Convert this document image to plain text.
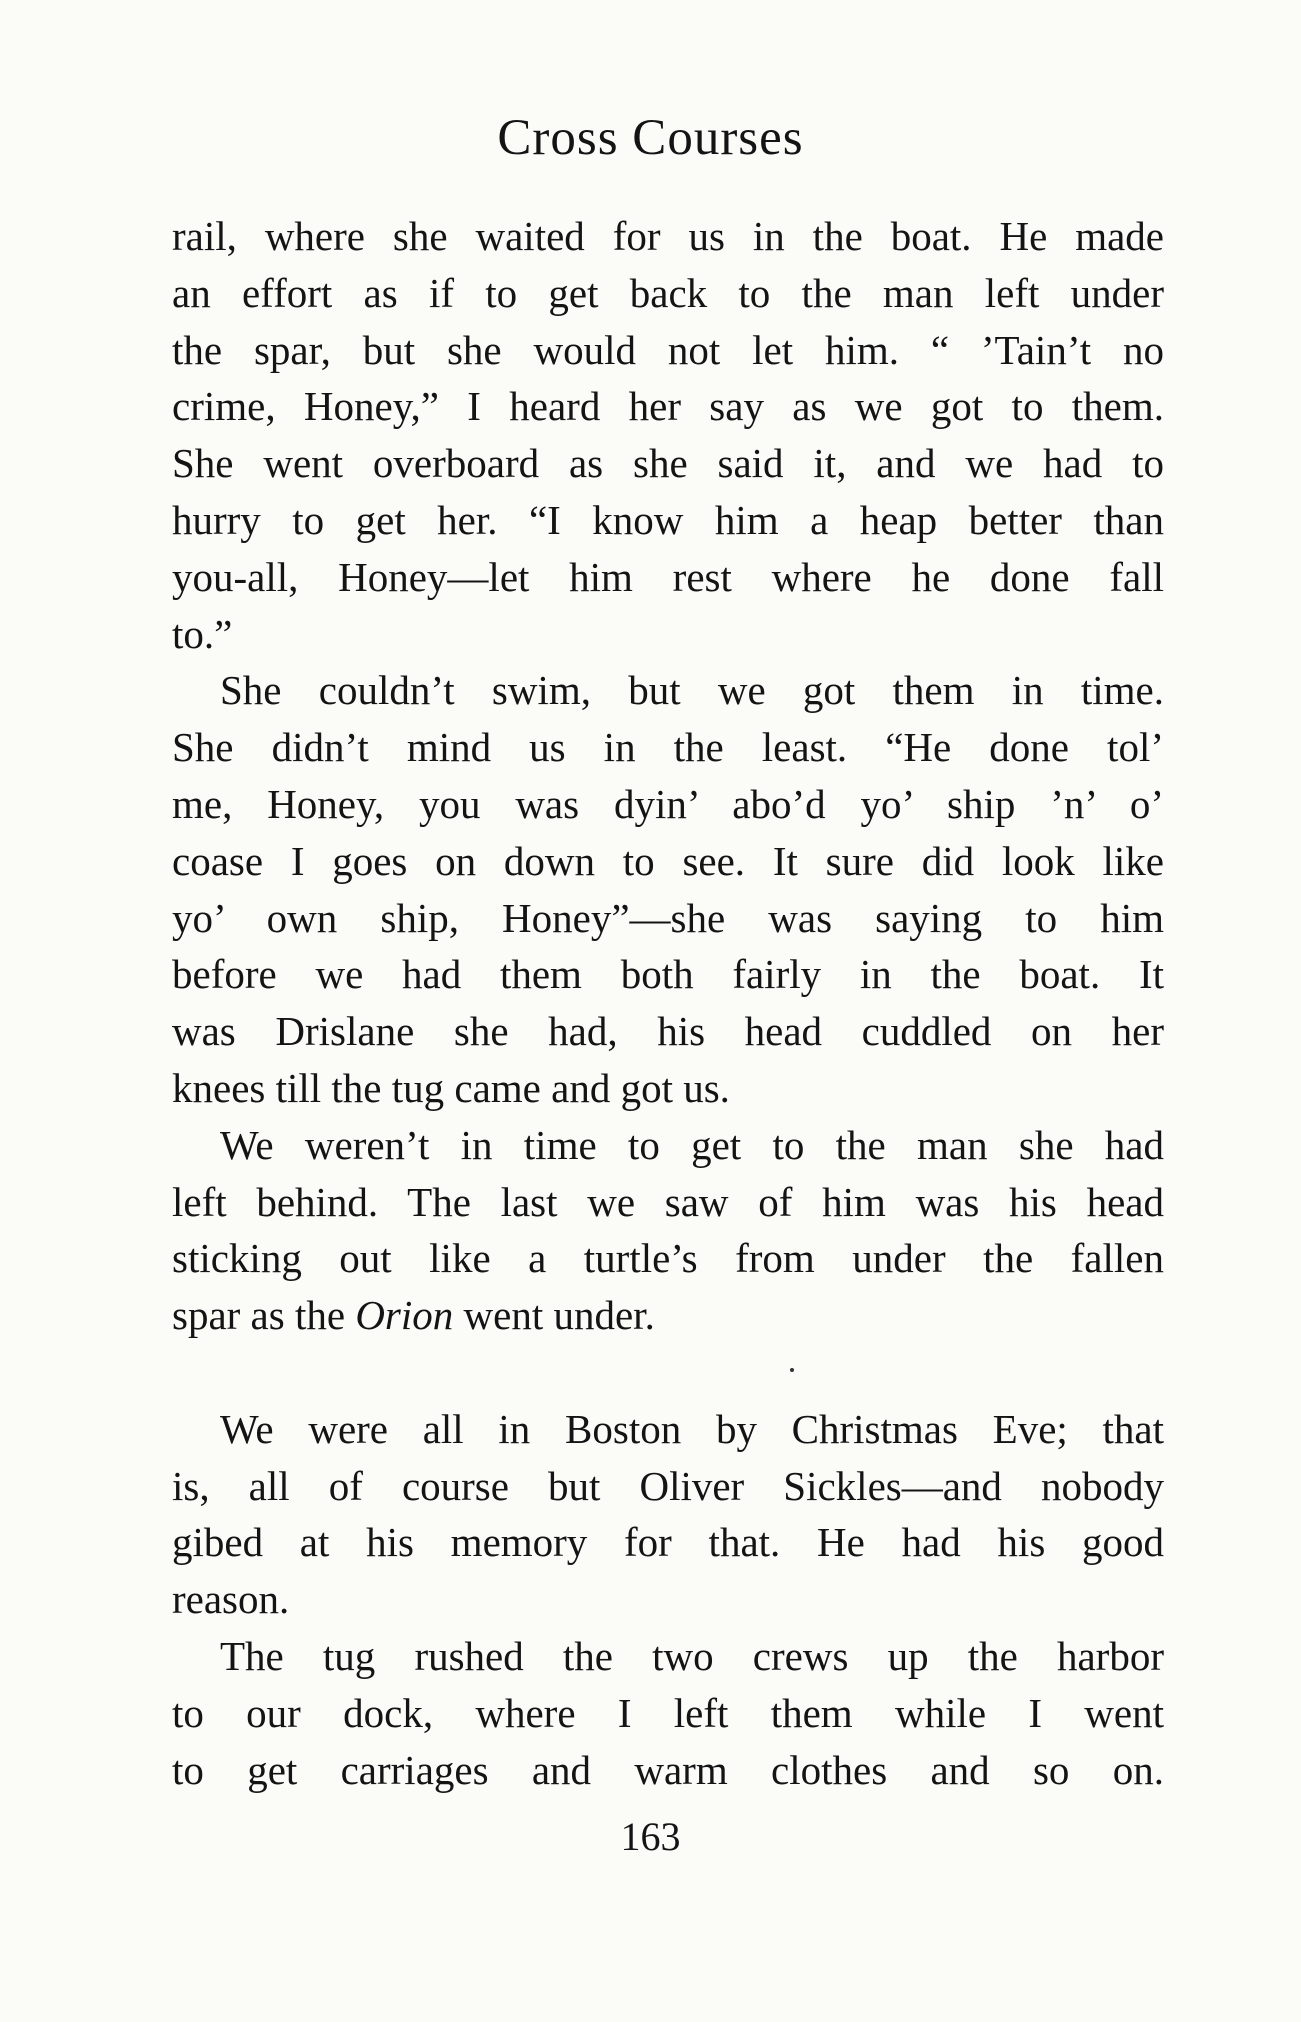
Cross Courses
rail, where she waited for us in the boat. He made
an effort as if to get back to the man left under
the spar, but she would not let him. “ ’Tain’t no
crime, Honey,” I heard her say as we got to them.
She went overboard as she said it, and we had to
hurry to get her. “I know him a heap better than
you-all, Honey—let him rest where he done fall
to.”
She couldn’t swim, but we got them in time.
She didn’t mind us in the least. “He done tol’
me, Honey, you was dyin’ abo’d yo’ ship ’n’ o’
coase I goes on down to see. It sure did look like
yo’ own ship, Honey”—she was saying to him
before we had them both fairly in the boat. It
was Drislane she had, his head cuddled on her
knees till the tug came and got us.
We weren’t in time to get to the man she had
left behind. The last we saw of him was his head
sticking out like a turtle’s from under the fallen
spar as the Orion went under.
We were all in Boston by Christmas Eve; that
is, all of course but Oliver Sickles—and nobody
gibed at his memory for that. He had his good
reason.
The tug rushed the two crews up the harbor
to our dock, where I left them while I went
to get carriages and warm clothes and so on.
163
